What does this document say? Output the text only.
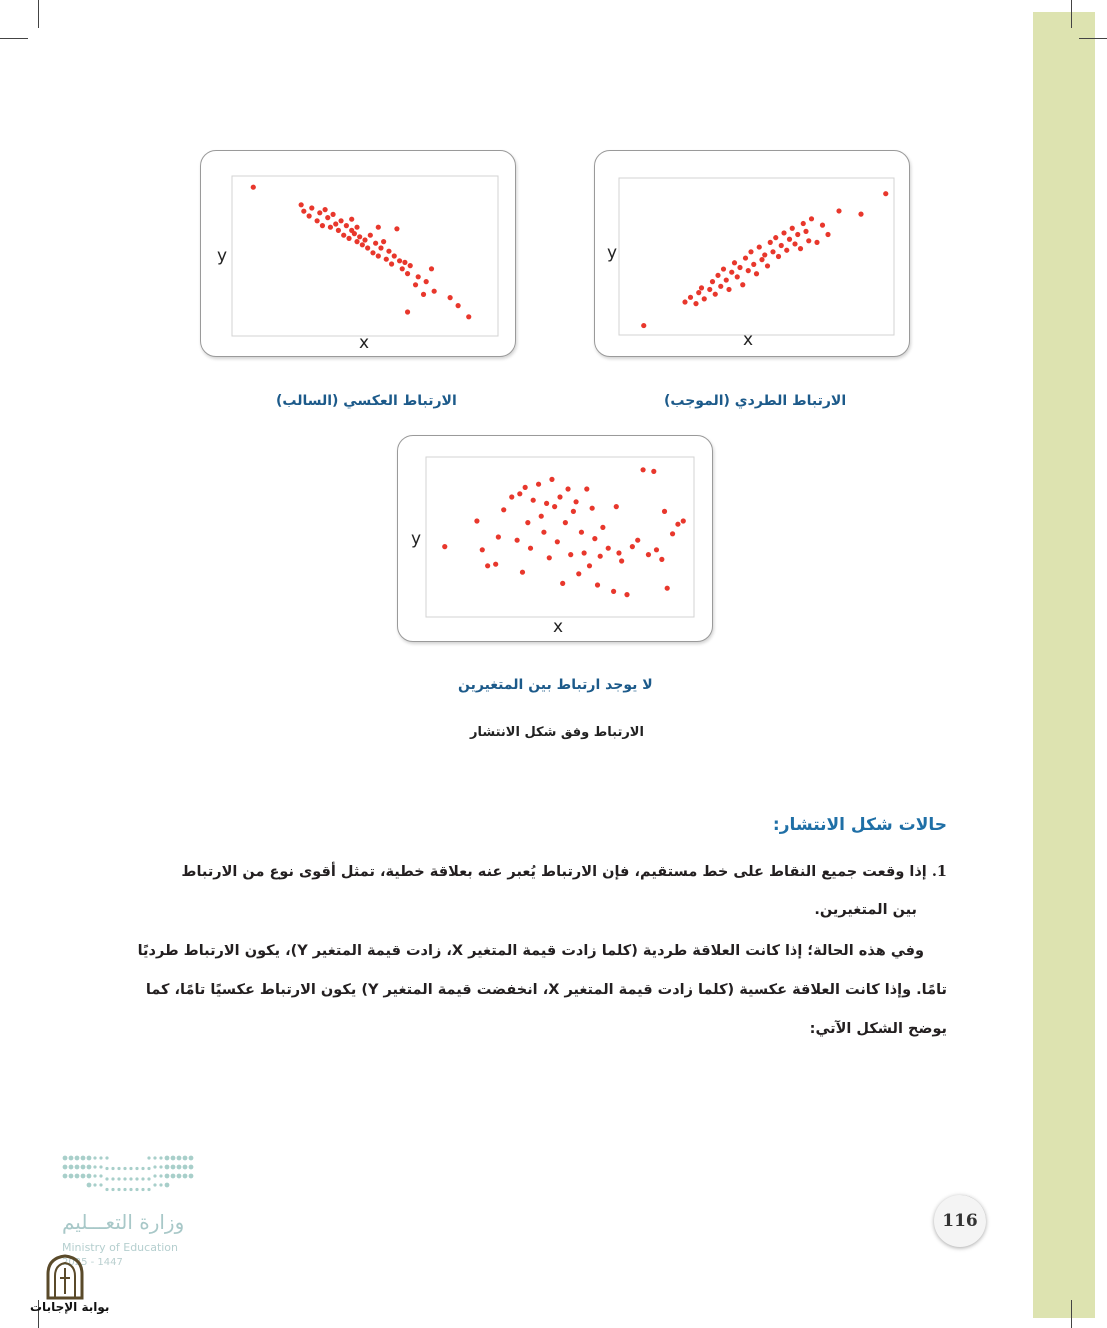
y
x
y
x
الارتباط العكسي (السالب)	الارتباط الطردي (الموجب)
y
x
لا يوجد ارتباط بين المتغيرين
الارتباط وفق شكل الانتشار
حالات شكل الانتشار:
1. إذا وقعت جميع النقاط على خط مستقيم، فإن الارتباط يُعبر عنه بعلاقة خطية، تمثل أقوى نوع من الارتباط
بين المتغيرين.
وفي هذه الحالة؛ إذا كانت العلاقة طردية (كلما زادت قيمة المتغير X، زادت قيمة المتغير Y)، يكون الارتباط طرديًا
تامًا. وإذا كانت العلاقة عكسية (كلما زادت قيمة المتغير X، انخفضت قيمة المتغير Y) يكون الارتباط عكسيًا تامًا، كما
يوضح الشكل الآتي:
وزارة التعـــليم
Ministry of Education
2025 - 1447
بوابة الإجابات
116
